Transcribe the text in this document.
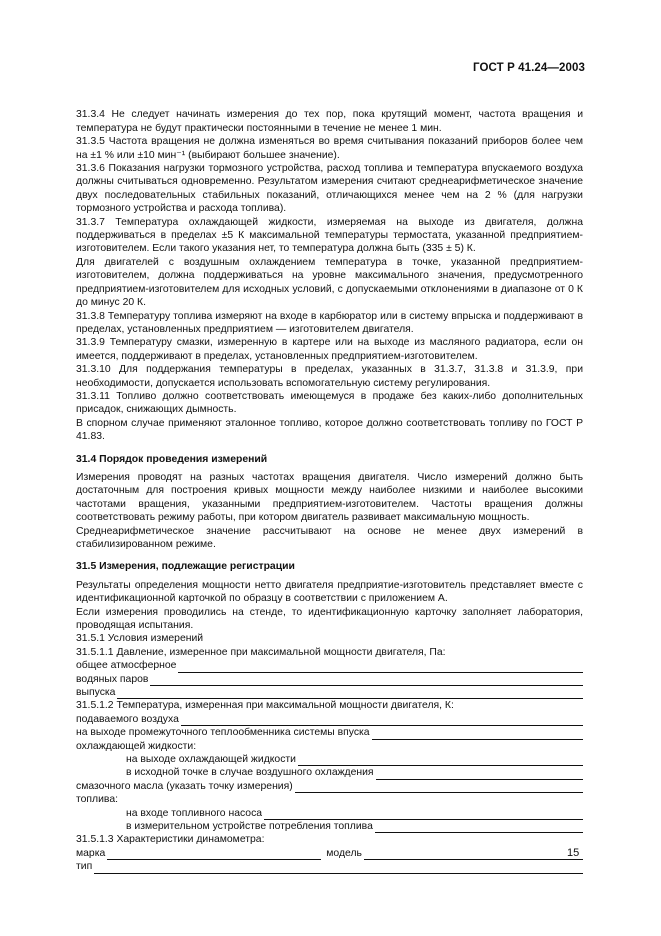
ГОСТ Р 41.24—2003

31.3.4 Не следует начинать измерения до тех пор, пока крутящий момент, частота вращения и температура не будут практически постоянными в течение не менее 1 мин.

31.3.5 Частота вращения не должна изменяться во время считывания показаний приборов более чем на ±1 % или ±10 мин⁻¹ (выбирают большее значение).

31.3.6 Показания нагрузки тормозного устройства, расход топлива и температура впускаемого воздуха должны считываться одновременно. Результатом измерения считают среднеарифметическое значение двух последовательных стабильных показаний, отличающихся менее чем на 2 % (для нагрузки тормозного устройства и расхода топлива).

31.3.7 Температура охлаждающей жидкости, измеряемая на выходе из двигателя, должна поддерживаться в пределах ±5 К максимальной температуры термостата, указанной предприятием-изготовителем. Если такого указания нет, то температура должна быть (335 ± 5) К.

Для двигателей с воздушным охлаждением температура в точке, указанной предприятием-изготовителем, должна поддерживаться на уровне максимального значения, предусмотренного предприятием-изготовителем для исходных условий, с допускаемыми отклонениями в диапазоне от 0 К до минус 20 К.

31.3.8 Температуру топлива измеряют на входе в карбюратор или в систему впрыска и поддерживают в пределах, установленных предприятием — изготовителем двигателя.

31.3.9 Температуру смазки, измеренную в картере или на выходе из масляного радиатора, если он имеется, поддерживают в пределах, установленных предприятием-изготовителем.

31.3.10 Для поддержания температуры в пределах, указанных в 31.3.7, 31.3.8 и 31.3.9, при необходимости, допускается использовать вспомогательную систему регулирования.

31.3.11 Топливо должно соответствовать имеющемуся в продаже без каких-либо дополнительных присадок, снижающих дымность.

В спорном случае применяют эталонное топливо, которое должно соответствовать топливу по ГОСТ Р 41.83.

31.4 Порядок проведения измерений

Измерения проводят на разных частотах вращения двигателя. Число измерений должно быть достаточным для построения кривых мощности между наиболее низкими и наиболее высокими частотами вращения, указанными предприятием-изготовителем. Частоты вращения должны соответствовать режиму работы, при котором двигатель развивает максимальную мощность.

Среднеарифметическое значение рассчитывают на основе не менее двух измерений в стабилизированном режиме.

31.5 Измерения, подлежащие регистрации

Результаты определения мощности нетто двигателя предприятие-изготовитель представляет вместе с идентификационной карточкой по образцу в соответствии с приложением А.

Если измерения проводились на стенде, то идентификационную карточку заполняет лаборатория, проводящая испытания.

31.5.1 Условия измерений
31.5.1.1 Давление, измеренное при максимальной мощности двигателя, Па:
общее атмосферное
водяных паров
выпуска
31.5.1.2 Температура, измеренная при максимальной мощности двигателя, К:
подаваемого воздуха
на выходе промежуточного теплообменника системы впуска
охлаждающей жидкости:
на выходе охлаждающей жидкости
в исходной точке в случае воздушного охлаждения
смазочного масла (указать точку измерения)
топлива:
на входе топливного насоса
в измерительном устройстве потребления топлива
31.5.1.3 Характеристики динамометра:
марка	модель
тип
15
